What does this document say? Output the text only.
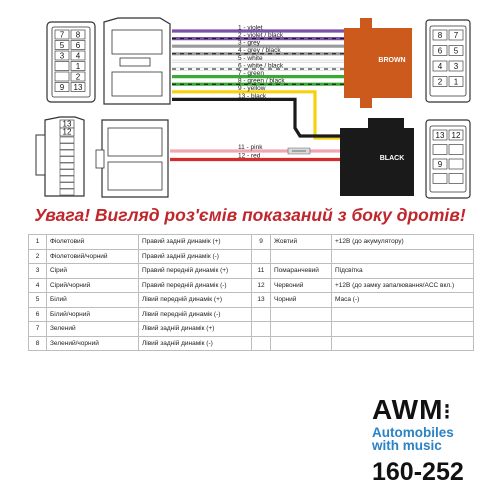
7 8
5 6
3 4
1
2
9 13
13
12
1 - violet
2 - violet / black
3 - grey
4 - grey / black
5 - white
6 - white / black
7 - green
8 - green / black
9 - yellow
13 - black
11 - pink
12 - red
BROWN
BLACK
8 7
6 5
4 3
2 1
13 12
9
Увага! Вигляд роз'ємів показаний з боку дротів!
1	Фіолетовий	Правий задній динамік (+)	9	Жовтий	+12В (до акумулятору)
2	Фіолетовий/чорний	Правий задній динамік (-)			
3	Сірий	Правий передній динамік (+)	11	Помаранчевий	Підсвітка
4	Сірий/чорний	Правий передній динамік (-)	12	Червоний	+12В (до замку запалювання/ACC вкл.)
5	Білий	Лівий передній динамік (+)	13	Чорний	Маса (-)
6	Білий/чорний	Лівий передній динамік (-)			
7	Зелений	Лівий задній динамік (+)			
8	Зелений/чорний	Лівий задній динамік (-)			
AWM⁝
Automobiles
with music
160-252
